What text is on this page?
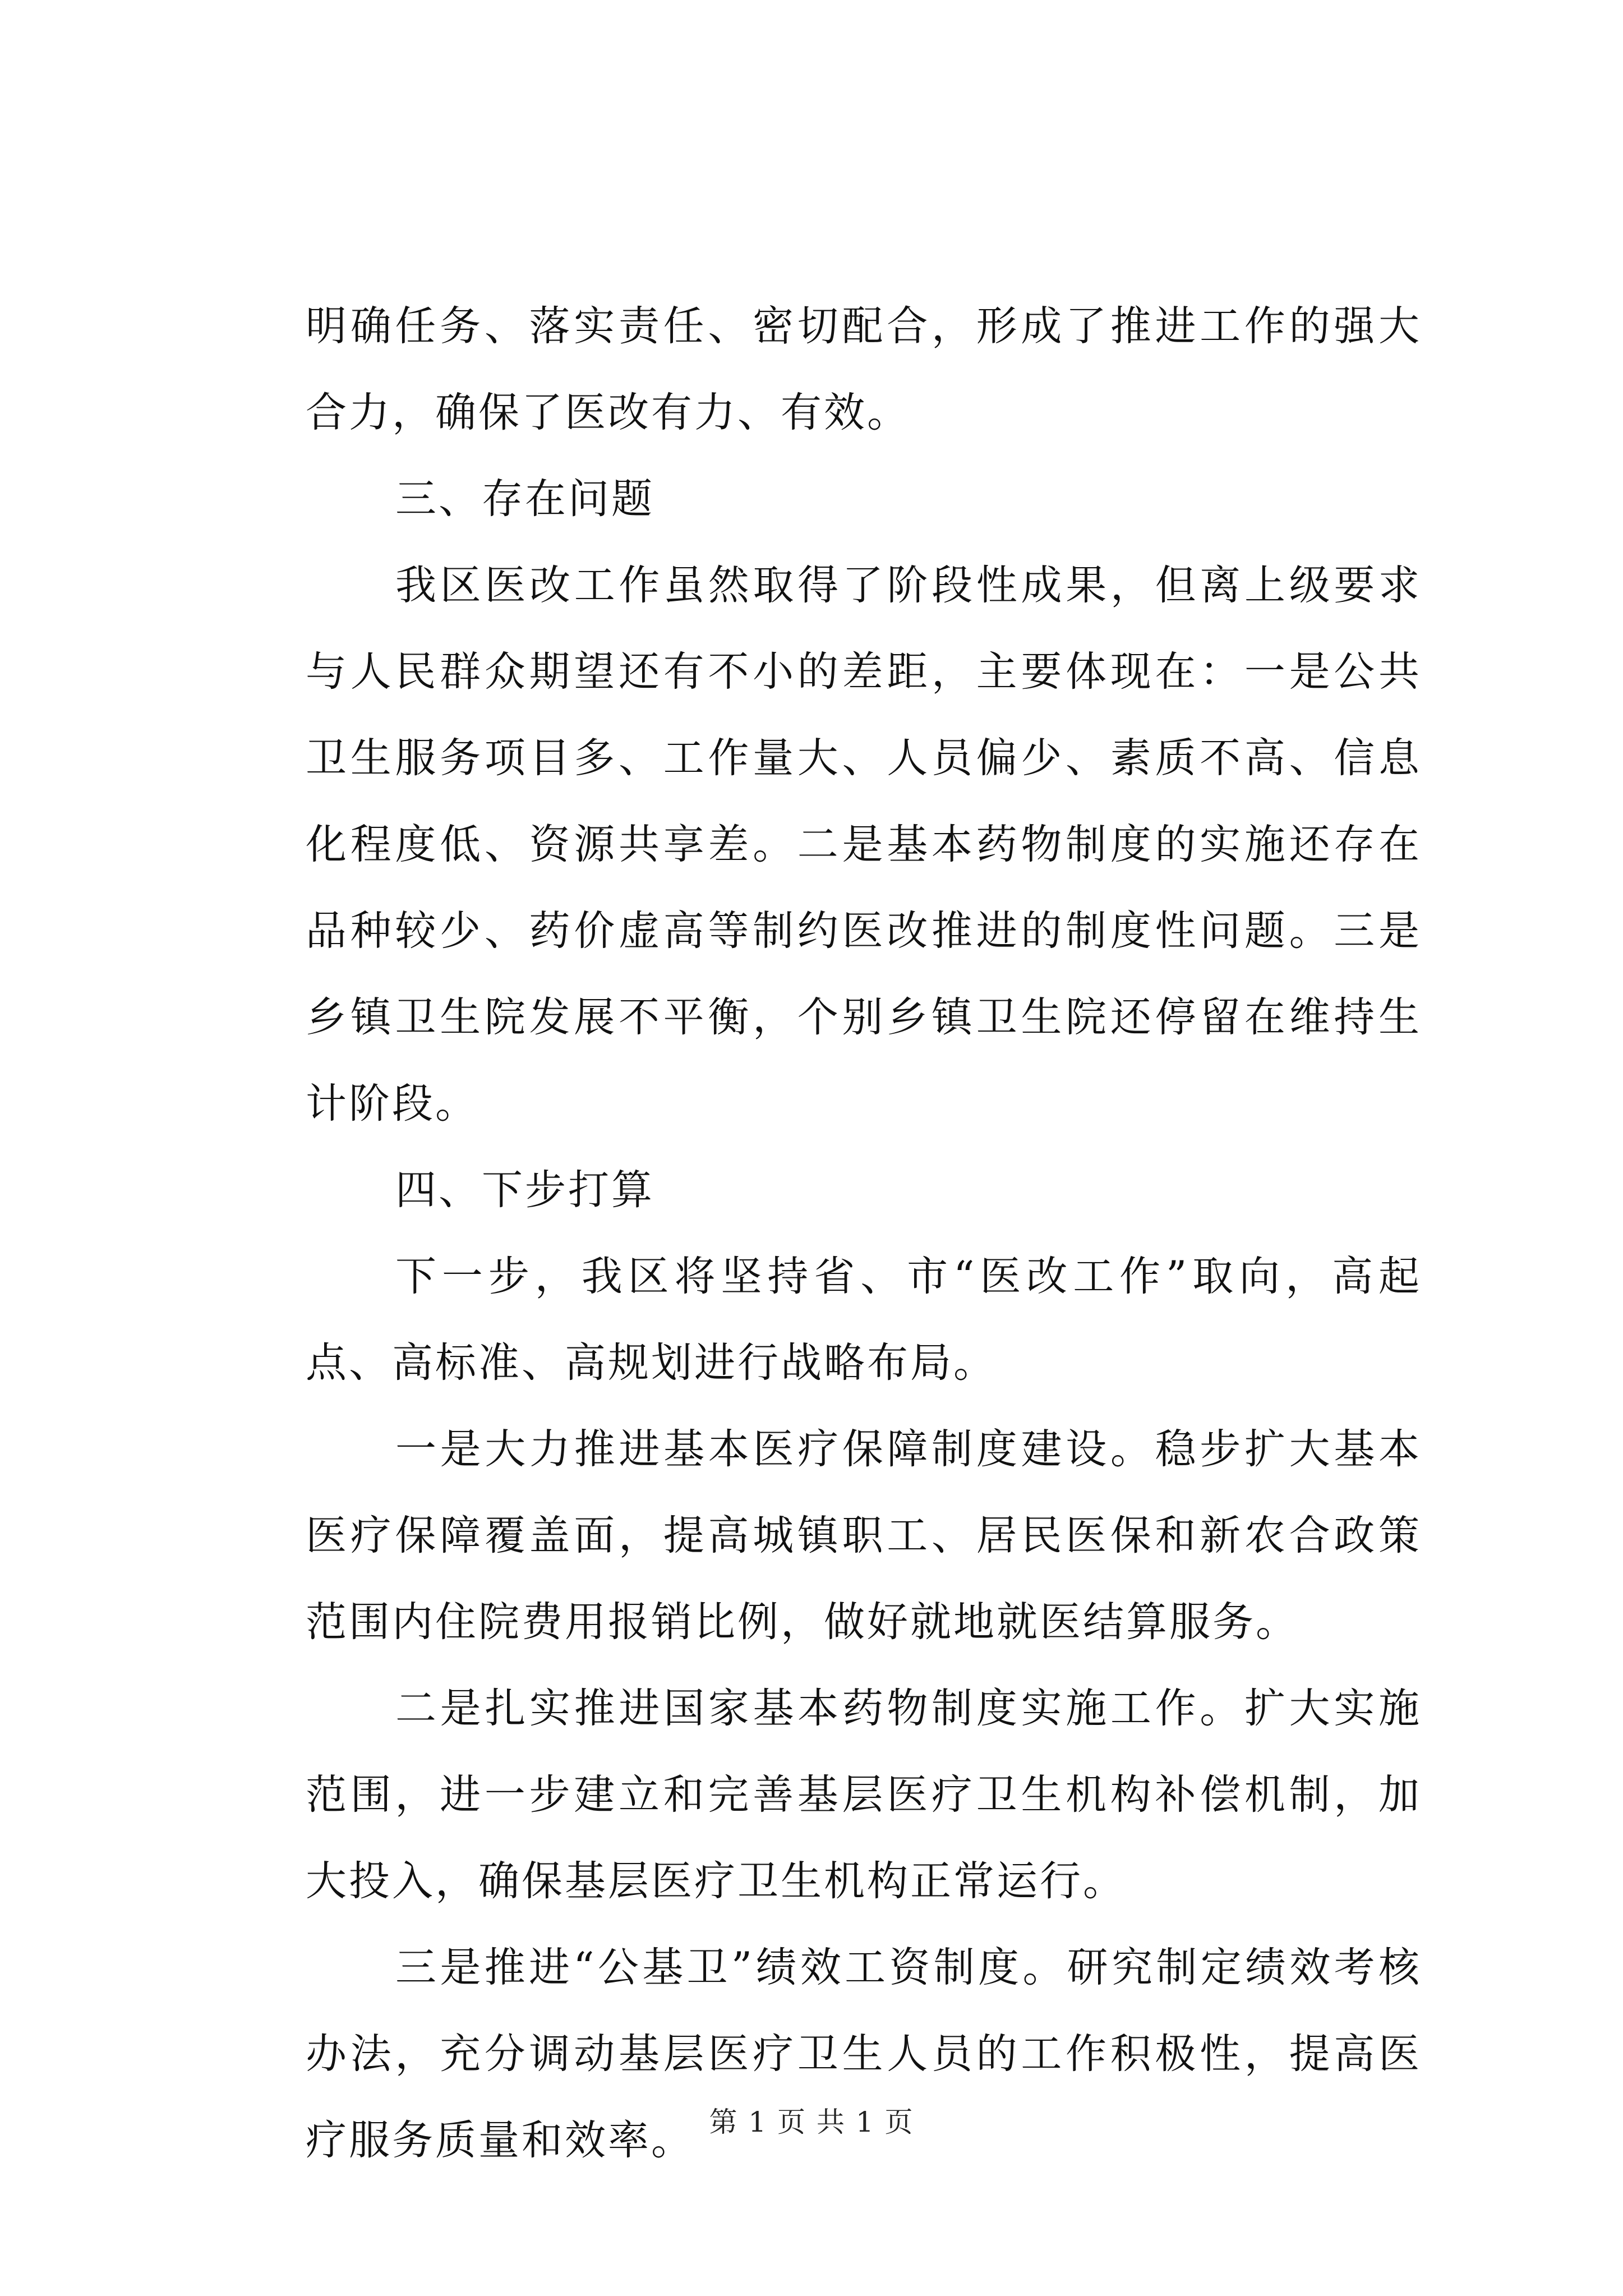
明确任务、落实责任、密切配合，形成了推进工作的强大合力，确保了医改有力、有效。

三、存在问题

我区医改工作虽然取得了阶段性成果，但离上级要求与人民群众期望还有不小的差距，主要体现在：一是公共卫生服务项目多、工作量大、人员偏少、素质不高、信息化程度低、资源共享差。二是基本药物制度的实施还存在品种较少、药价虚高等制约医改推进的制度性问题。三是乡镇卫生院发展不平衡，个别乡镇卫生院还停留在维持生计阶段。

四、下步打算

下一步，我区将坚持省、市“医改工作”取向，高起点、高标准、高规划进行战略布局。

一是大力推进基本医疗保障制度建设。稳步扩大基本医疗保障覆盖面，提高城镇职工、居民医保和新农合政策范围内住院费用报销比例，做好就地就医结算服务。

二是扎实推进国家基本药物制度实施工作。扩大实施范围，进一步建立和完善基层医疗卫生机构补偿机制，加大投入，确保基层医疗卫生机构正常运行。

三是推进“公基卫”绩效工资制度。研究制定绩效考核办法，充分调动基层医疗卫生人员的工作积极性，提高医疗服务质量和效率。 第 1 页 共 1 页
